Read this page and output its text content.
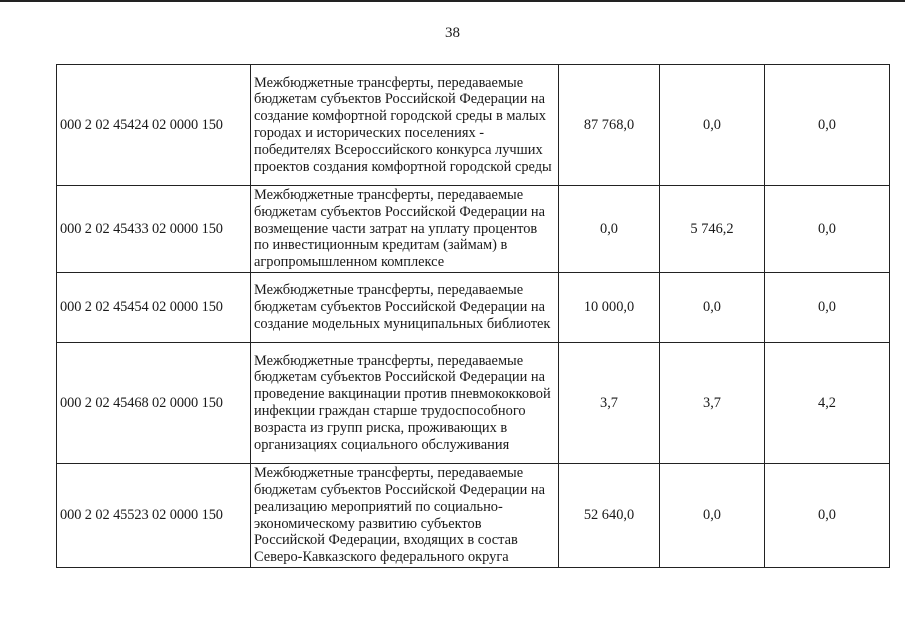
38
000 2 02 45424 02 0000 150	Межбюджетные трансферты, передаваемые бюджетам субъектов Российской Федерации на создание комфортной городской среды в малых городах и исторических поселениях - победителях Всероссийского конкурса лучших проектов создания комфортной городской среды	87 768,0	0,0	0,0
000 2 02 45433 02 0000 150	Межбюджетные трансферты, передаваемые бюджетам субъектов Российской Федерации на возмещение части затрат на уплату процентов по инвестиционным кредитам (займам) в агропромышленном комплексе	0,0	5 746,2	0,0
000 2 02 45454 02 0000 150	Межбюджетные трансферты, передаваемые бюджетам субъектов Российской Федерации на создание модельных муниципальных библиотек	10 000,0	0,0	0,0
000 2 02 45468 02 0000 150	Межбюджетные трансферты, передаваемые бюджетам субъектов Российской Федерации на проведение вакцинации против пневмококковой инфекции граждан старше трудоспособного возраста из групп риска, проживающих в организациях социального обслуживания	3,7	3,7	4,2
000 2 02 45523 02 0000 150	Межбюджетные трансферты, передаваемые бюджетам субъектов Российской Федерации на реализацию мероприятий по социально-экономическому развитию субъектов Российской Федерации, входящих в состав Северо-Кавказского федерального округа	52 640,0	0,0	0,0
